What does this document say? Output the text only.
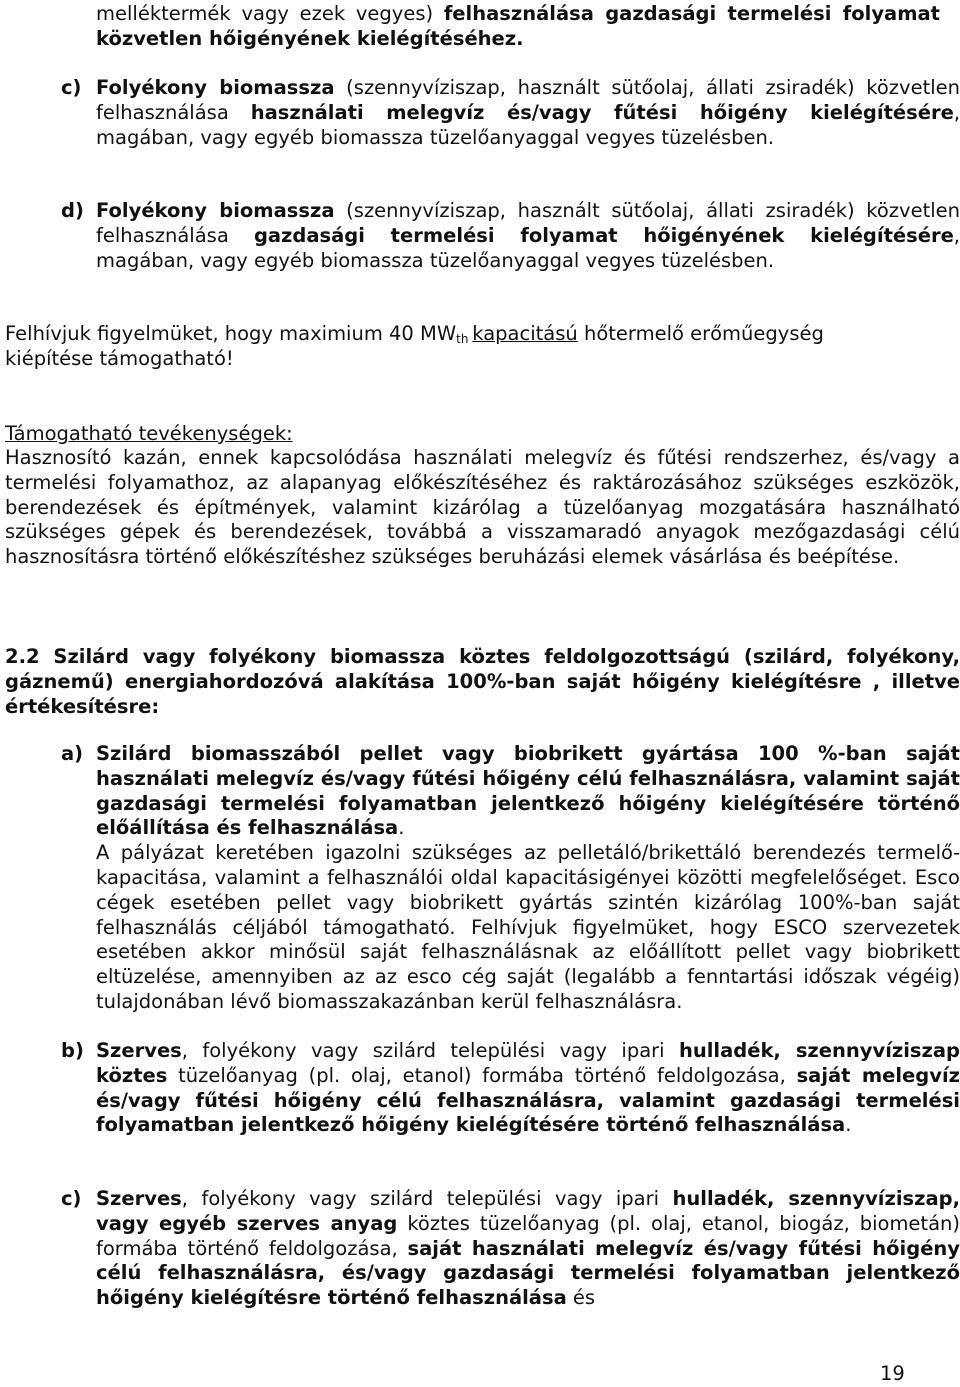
melléktermék vagy ezek vegyes) felhasználása gazdasági termelési folyamat közvetlen hőigényének kielégítéséhez.
c) Folyékony biomassza (szennyvíziszap, használt sütőolaj, állati zsiradék) közvetlen felhasználása használati melegvíz és/vagy fűtési hőigény kielégítésére, magában, vagy egyéb biomassza tüzelőanyaggal vegyes tüzelésben.
d) Folyékony biomassza (szennyvíziszap, használt sütőolaj, állati zsiradék) közvetlen felhasználása gazdasági termelési folyamat hőigényének kielégítésére, magában, vagy egyéb biomassza tüzelőanyaggal vegyes tüzelésben.
Felhívjuk figyelmüket, hogy maximium 40 $MW_{th}$ kapacitású hőtermelő erőműegység kiépítése támogatható!
Támogatható tevékenységek:
Hasznosító kazán, ennek kapcsolódása használati melegvíz és fűtési rendszerhez, és/vagy a termelési folyamathoz, az alapanyag előkészítéséhez és raktározásához szükséges eszközök, berendezések és építmények, valamint kizárólag a tüzelőanyag mozgatására használható szükséges gépek és berendezések, továbbá a visszamaradó anyagok mezőgazdasági célú hasznosításra történő előkészítéshez szükséges beruházási elemek vásárlása és beépítése.
2.2 Szilárd vagy folyékony biomassza köztes feldolgozottságú (szilárd, folyékony, gáznemű) energiahordozóvá alakítása 100%-ban saját hőigény kielégítésre , illetve értékesítésre:
a) Szilárd biomasszából pellet vagy biobrikett gyártása 100 %-ban saját használati melegvíz és/vagy fűtési hőigény célú felhasználásra, valamint saját gazdasági termelési folyamatban jelentkező hőigény kielégítésére történő előállítása és felhasználása.
A pályázat keretében igazolni szükséges az pelletáló/brikettáló berendezés termelő-kapacitása, valamint a felhasználói oldal kapacitásigényei közötti megfelelőséget. Esco cégek esetében pellet vagy biobrikett gyártás szintén kizárólag 100%-ban saját felhasználás céljából támogatható. Felhívjuk figyelmüket, hogy ESCO szervezetek esetében akkor minősül saját felhasználásnak az előállított pellet vagy biobrikett eltüzelése, amennyiben az az esco cég saját (legalább a fenntartási időszak végéig) tulajdonában lévő biomasszakazánban kerül felhasználásra.
b) Szerves, folyékony vagy szilárd települési vagy ipari hulladék, szennyvíziszap köztes tüzelőanyag (pl. olaj, etanol) formába történő feldolgozása, saját melegvíz és/vagy fűtési hőigény célú felhasználásra, valamint gazdasági termelési folyamatban jelentkező hőigény kielégítésére történő felhasználása.
c) Szerves, folyékony vagy szilárd települési vagy ipari hulladék, szennyvíziszap, vagy egyéb szerves anyag köztes tüzelőanyag (pl. olaj, etanol, biogáz, biometán) formába történő feldolgozása, saját használati melegvíz és/vagy fűtési hőigény célú felhasználásra, és/vagy gazdasági termelési folyamatban jelentkező hőigény kielégítésre történő felhasználása és
19
